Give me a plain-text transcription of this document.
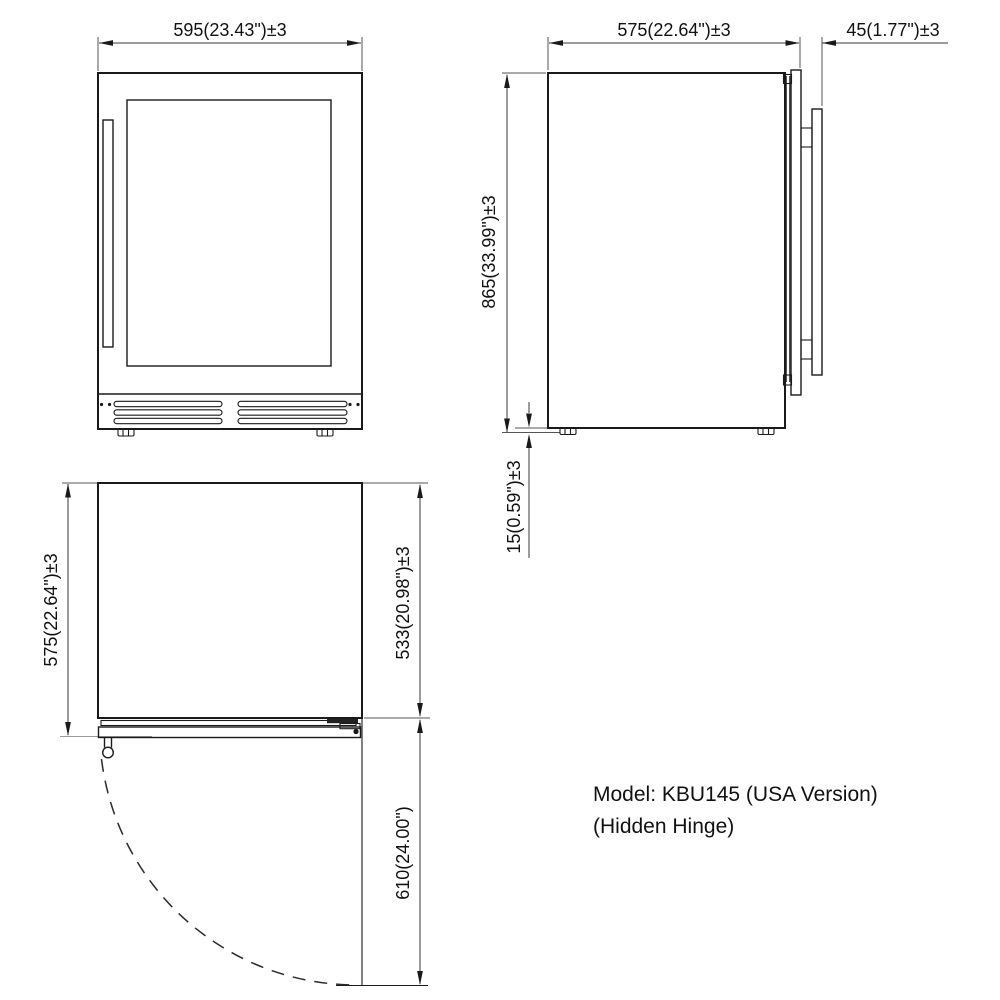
595(23.43")±3	575(22.64")±3	45(1.77")±3
865(33.99")±3
15(0.59")±3
575(22.64")±3	533(20.98")±3
610(24.00")
Model: KBU145 (USA Version)
(Hidden Hinge)
